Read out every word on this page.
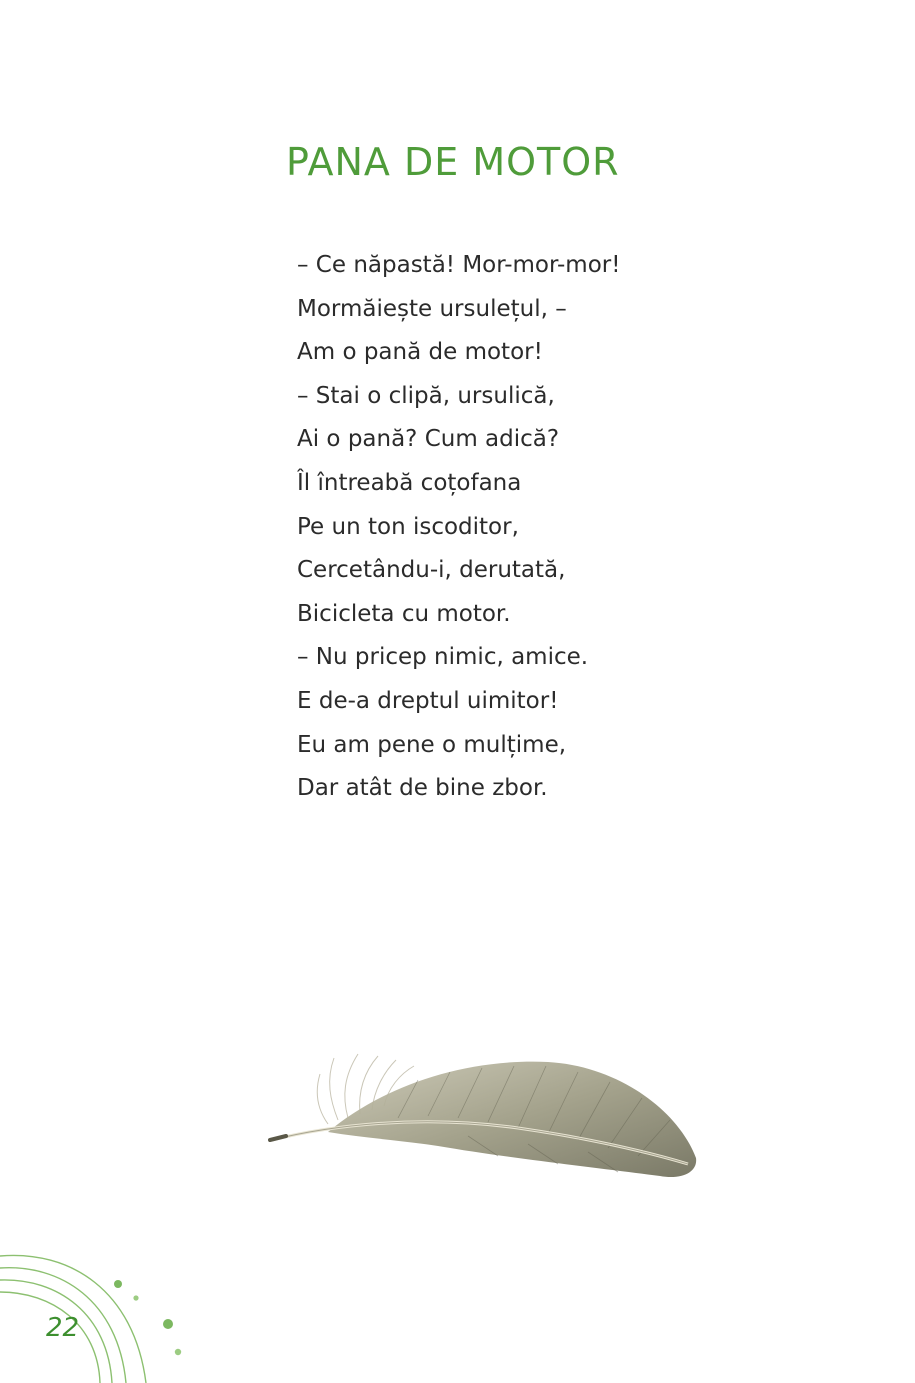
PANA DE MOTOR
– Ce năpastă! Mor-mor-mor!
Mormăiește ursulețul, –
Am o pană de motor!
– Stai o clipă, ursulică,
Ai o pană? Cum adică?
Îl întreabă coțofana
Pe un ton iscoditor,
Cercetându-i, derutată,
Bicicleta cu motor.
– Nu pricep nimic, amice.
E de-a dreptul uimitor!
Eu am pene o mulțime,
Dar atât de bine zbor.
22
